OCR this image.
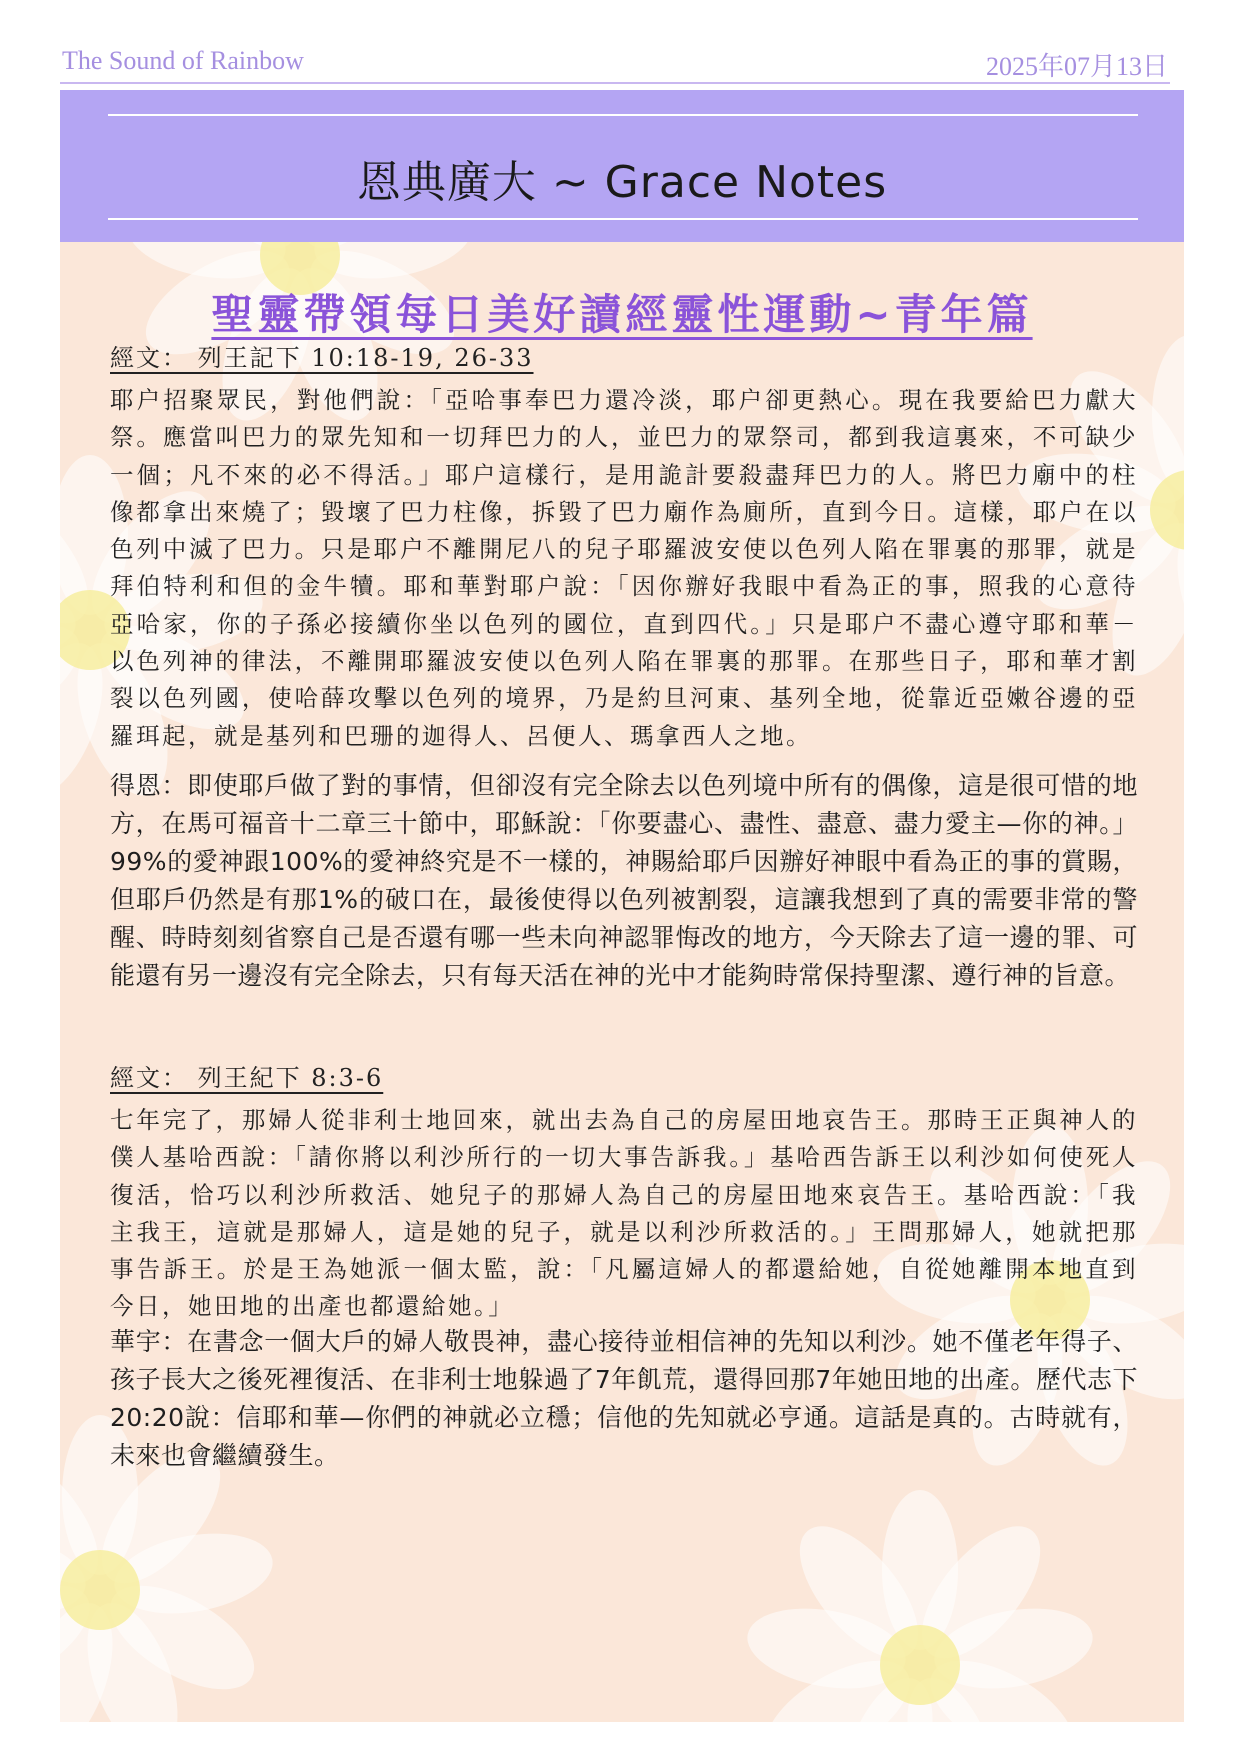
The Sound of Rainbow	2025年07月13日
恩典廣大 ~ Grace Notes
聖靈帶領每日美好讀經靈性運動~青年篇
經文： 列王記下 10:18-19, 26-33

耶户招聚眾民，對他們說：「亞哈事奉巴力還冷淡，耶户卻更熱心。現在我要給巴力獻大祭。應當叫巴力的眾先知和一切拜巴力的人，並巴力的眾祭司，都到我這裏來，不可缺少一個；凡不來的必不得活。」耶户這樣行，是用詭計要殺盡拜巴力的人。將巴力廟中的柱像都拿出來燒了；毀壞了巴力柱像，拆毀了巴力廟作為廁所，直到今日。這樣，耶户在以色列中滅了巴力。只是耶户不離開尼八的兒子耶羅波安使以色列人陷在罪裏的那罪，就是拜伯特利和但的金牛犢。耶和華對耶户說：「因你辦好我眼中看為正的事，照我的心意待亞哈家，你的子孫必接續你坐以色列的國位，直到四代。」只是耶户不盡心遵守耶和華－以色列神的律法，不離開耶羅波安使以色列人陷在罪裏的那罪。在那些日子，耶和華才割裂以色列國，使哈薛攻擊以色列的境界，乃是約旦河東、基列全地，從靠近亞嫩谷邊的亞羅珥起，就是基列和巴珊的迦得人、呂便人、瑪拿西人之地。

得恩：即使耶戶做了對的事情，但卻沒有完全除去以色列境中所有的偶像，這是很可惜的地方，在馬可福音十二章三十節中，耶穌說：「你要盡心、盡性、盡意、盡力愛主—你的神。」99%的愛神跟100%的愛神終究是不一樣的，神賜給耶戶因辦好神眼中看為正的事的賞賜，但耶戶仍然是有那1%的破口在，最後使得以色列被割裂，這讓我想到了真的需要非常的警醒、時時刻刻省察自己是否還有哪一些未向神認罪悔改的地方，今天除去了這一邊的罪、可能還有另一邊沒有完全除去，只有每天活在神的光中才能夠時常保持聖潔、遵行神的旨意。

經文： 列王紀下 8:3-6

七年完了，那婦人從非利士地回來，就出去為自己的房屋田地哀告王。那時王正與神人的僕人基哈西說：「請你將以利沙所行的一切大事告訴我。」基哈西告訴王以利沙如何使死人復活，恰巧以利沙所救活、她兒子的那婦人為自己的房屋田地來哀告王。基哈西說：「我主我王，這就是那婦人，這是她的兒子，就是以利沙所救活的。」王問那婦人，她就把那事告訴王。於是王為她派一個太監，說：「凡屬這婦人的都還給她，自從她離開本地直到今日，她田地的出產也都還給她。」

華宇：在書念一個大戶的婦人敬畏神，盡心接待並相信神的先知以利沙。她不僅老年得子、孩子長大之後死裡復活、在非利士地躲過了7年飢荒，還得回那7年她田地的出產。歷代志下20:20說：信耶和華—你們的神就必立穩；信他的先知就必亨通。這話是真的。古時就有，未來也會繼續發生。
